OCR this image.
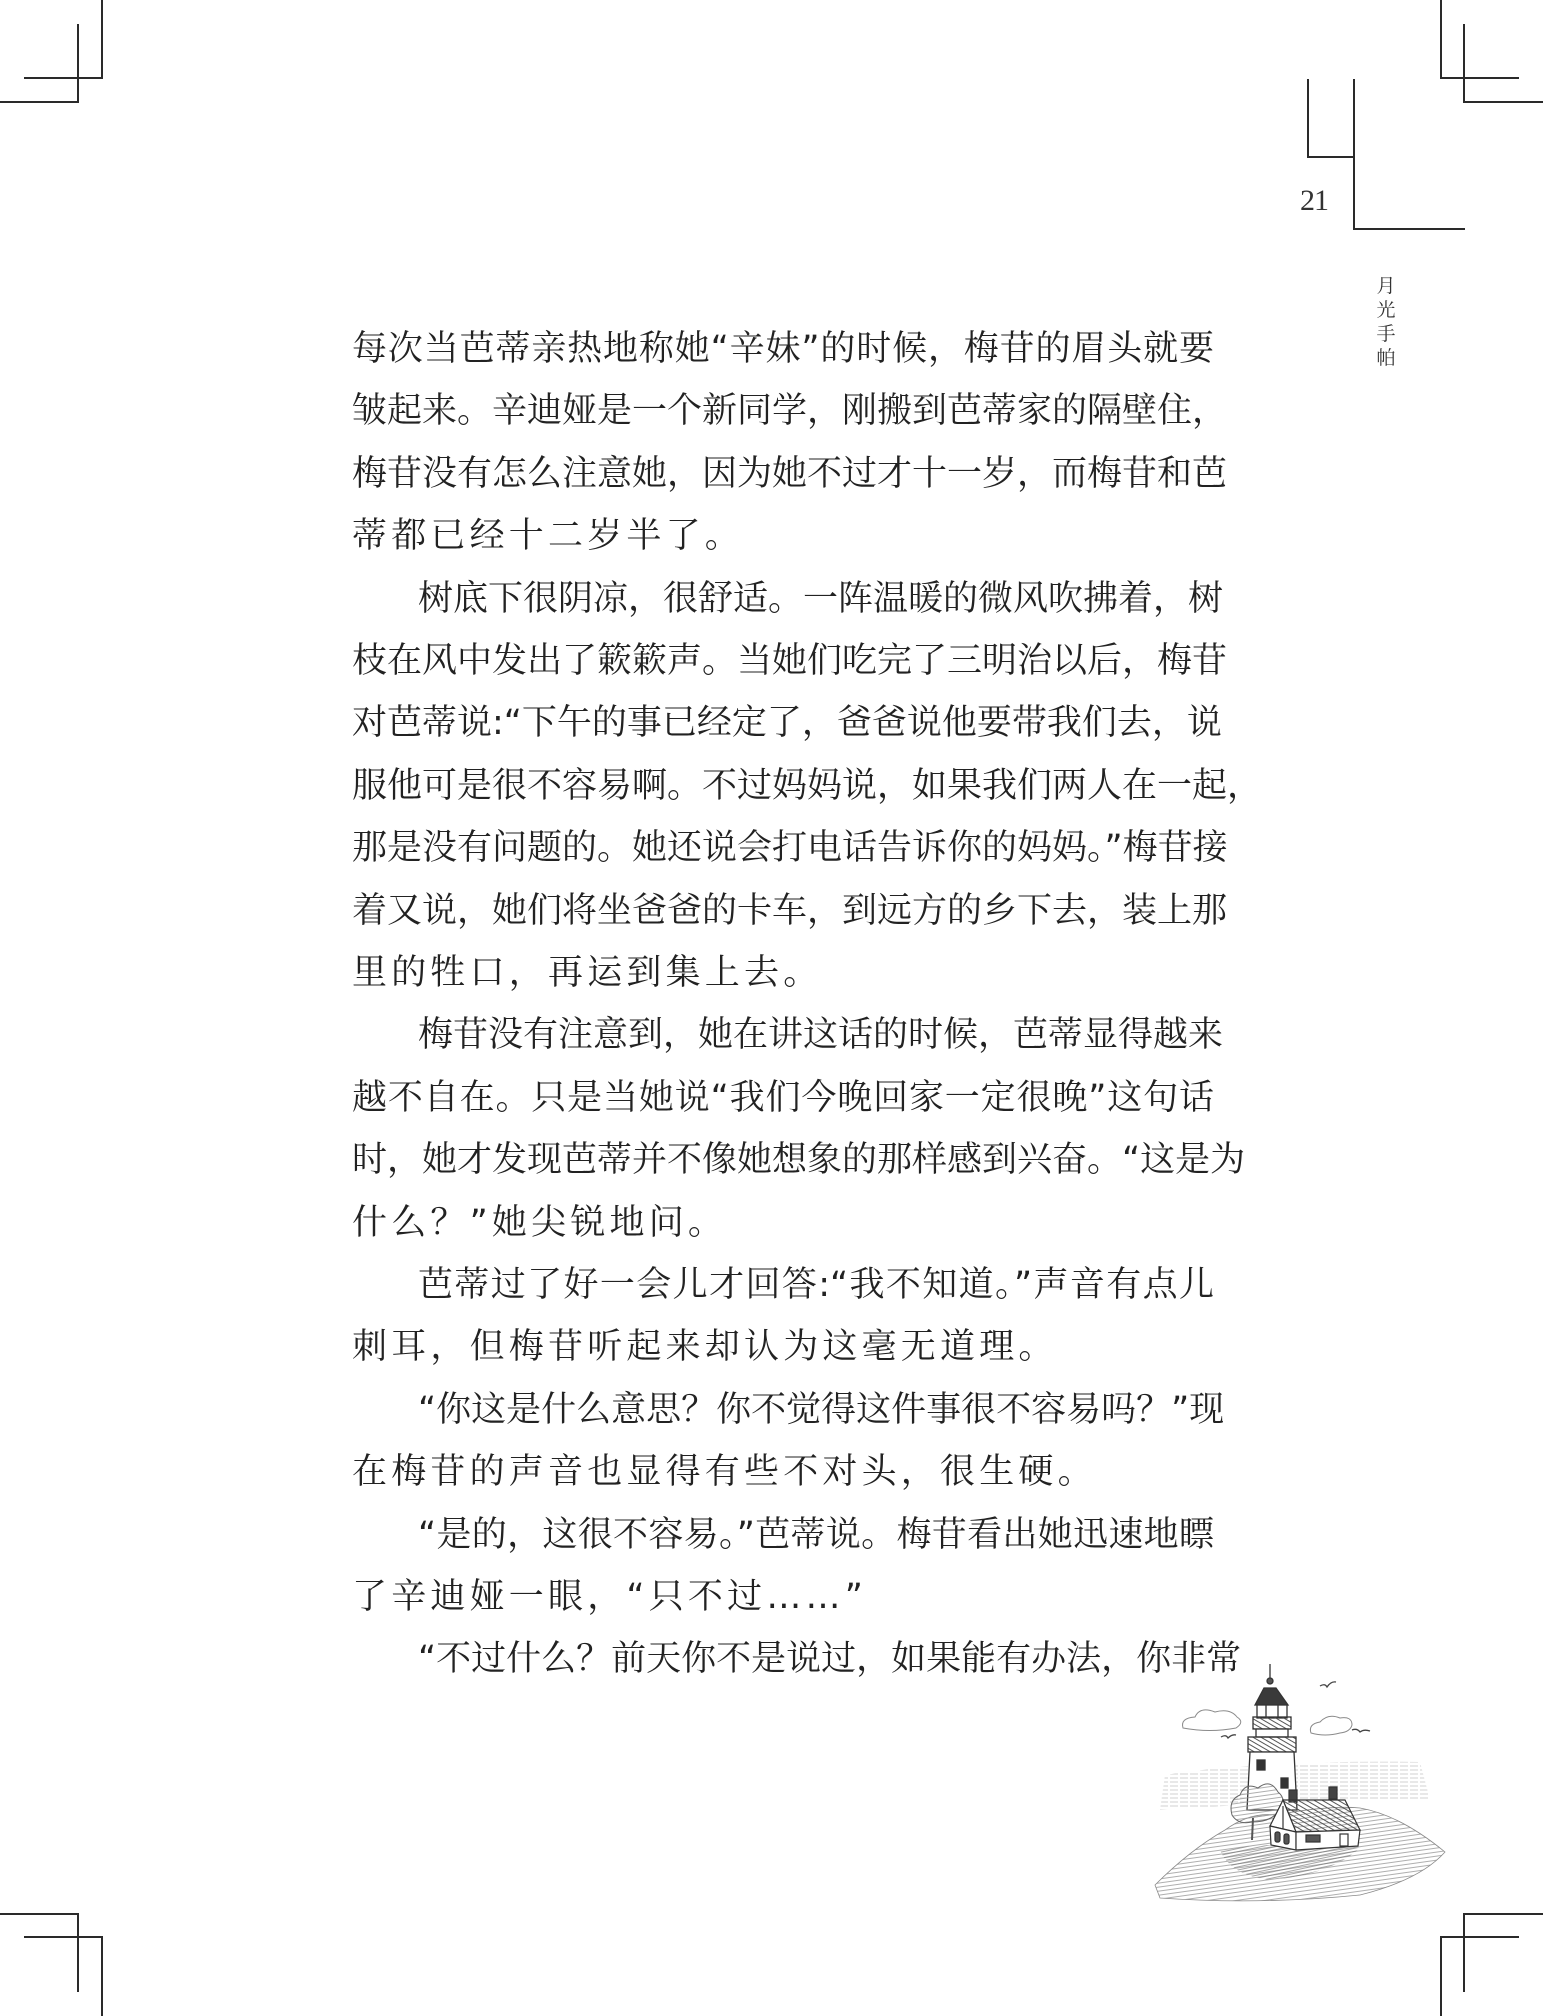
21
月
光
手
帕
每次当芭蒂亲热地称她“辛妹”的时候，梅苷的眉头就要
皱起来。辛迪娅是一个新同学，刚搬到芭蒂家的隔壁住，
梅苷没有怎么注意她，因为她不过才十一岁，而梅苷和芭
蒂都已经十二岁半了。
树底下很阴凉，很舒适。一阵温暖的微风吹拂着，树
枝在风中发出了簌簌声。当她们吃完了三明治以后，梅苷
对芭蒂说:“下午的事已经定了，爸爸说他要带我们去，说
服他可是很不容易啊。不过妈妈说，如果我们两人在一起，
那是没有问题的。她还说会打电话告诉你的妈妈。”梅苷接
着又说，她们将坐爸爸的卡车，到远方的乡下去，装上那
里的牲口，再运到集上去。
梅苷没有注意到，她在讲这话的时候，芭蒂显得越来
越不自在。只是当她说“我们今晚回家一定很晚”这句话
时，她才发现芭蒂并不像她想象的那样感到兴奋。“这是为
什么？”她尖锐地问。
芭蒂过了好一会儿才回答:“我不知道。”声音有点儿
刺耳，但梅苷听起来却认为这毫无道理。
“你这是什么意思？你不觉得这件事很不容易吗？”现
在梅苷的声音也显得有些不对头，很生硬。
“是的，这很不容易。”芭蒂说。梅苷看出她迅速地瞟
了辛迪娅一眼，“只不过……”
“不过什么？前天你不是说过，如果能有办法，你非常
